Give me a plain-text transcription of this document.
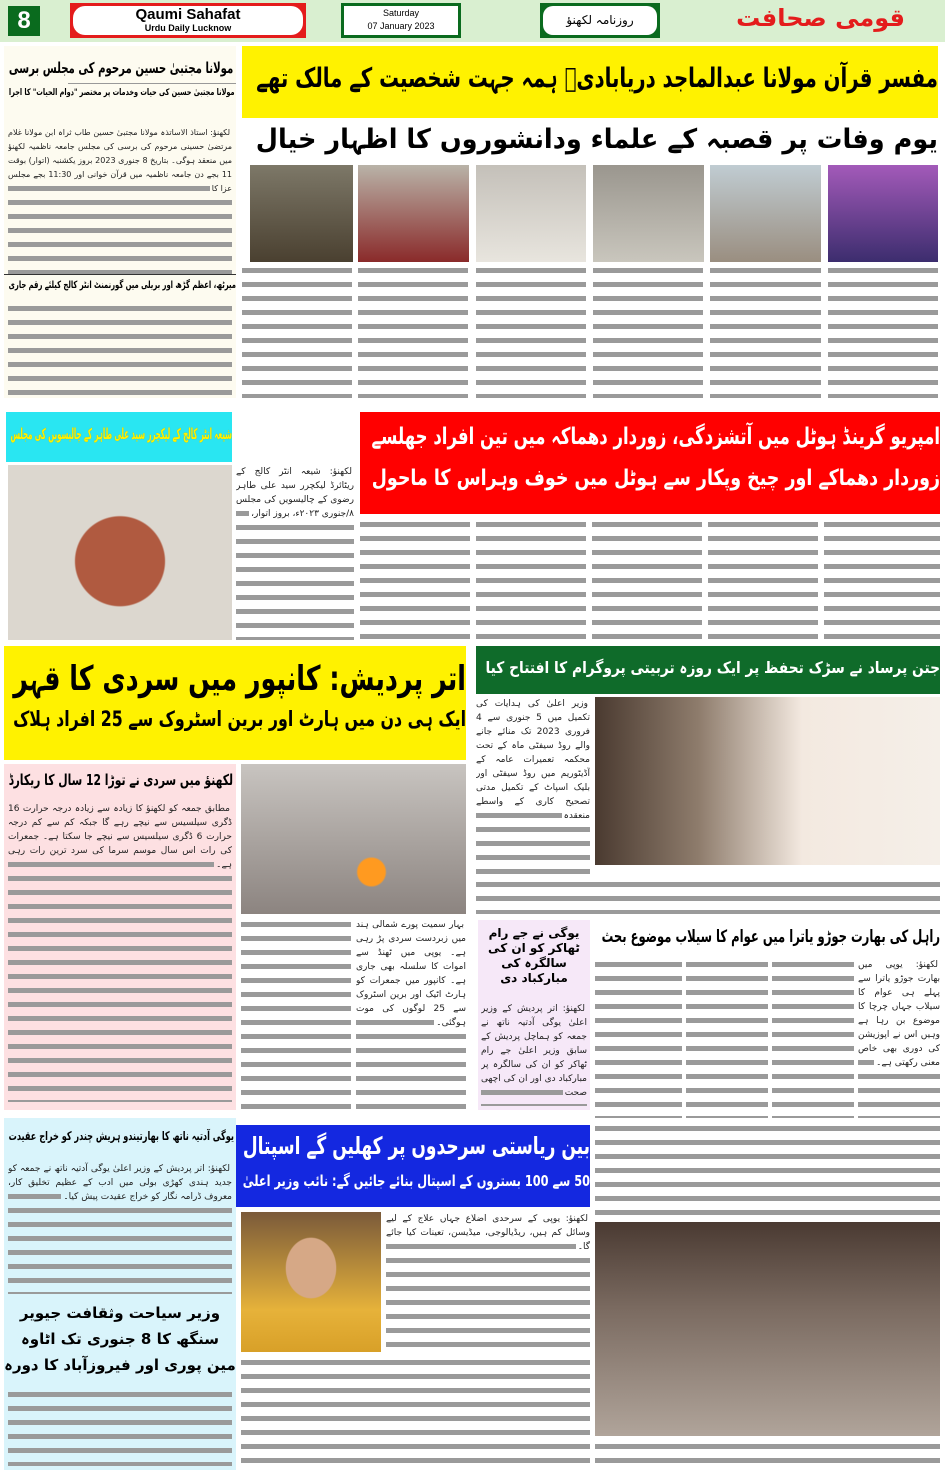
8	Qaumi Sahafat
Urdu Daily Lucknow
Saturday
07 January 2023	روزنامہ لکھنؤ	قومی صحافت
مولانا مجتبیٰ حسین مرحوم کی مجلس برسی
مولانا مجتبیٰ حسین کی حیات وخدمات پر مختصر "دوام الحیات" کا اجرا
لکھنؤ: استاذ الاساتذہ مولانا مجتبیٰ حسین طاب ثراہ ابن مولانا غلام مرتضیٰ حسینی مرحوم کی برسی کی مجلس جامعہ ناظمیہ لکھنؤ میں منعقد ہوگی۔ بتاریخ 8 جنوری 2023 بروز یکشنبہ (اتوار) بوقت 11 بجے دن جامعہ ناظمیہ میں قرآن خوانی اور 11:30 بجے مجلس عزا کا
میرٹھ، اعظم گڑھ اور بریلی میں گورنمنٹ انٹر کالج کیلئے رقم جاری
مفسر قرآن مولانا عبدالماجد دریابادیؒ ہمہ جہت شخصیت کے مالک تھے
یوم وفات پر قصبہ کے علماء ودانشوروں کا اظہار خیال
شیعہ انٹر کالج کے لیکچرر سید علی طاہر کے چالیسویں کی مجلس
لکھنؤ: شیعہ انٹر کالج کے ریٹائرڈ لیکچرر سید علی طاہر رضوی کے چالیسویں کی مجلس ۸/جنوری ۲۰۲۳ء، بروز اتوار،
امپریو گرینڈ ہوٹل میں آتشزدگی، زوردار دھماکہ میں تین افراد جھلسے
زوردار دھماکے اور چیخ وپکار سے ہوٹل میں خوف وہراس کا ماحول
اتر پردیش: کانپور میں سردی کا قہر
ایک ہی دن میں ہارٹ اور برین اسٹروک سے 25 افراد ہلاک
لکھنؤ میں سردی نے توڑا 12 سال کا ریکارڈ
مطابق جمعہ کو لکھنؤ کا زیادہ سے زیادہ درجہ حرارت 16 ڈگری سیلسیس سے نیچے رہے گا جبکہ کم سے کم درجہ حرارت 6 ڈگری سیلسیس سے نیچے جا سکتا ہے۔ جمعرات کی رات اس سال موسم سرما کی سرد ترین رات رہی ہے۔
بہار سمیت پورے شمالی ہند میں زبردست سردی پڑ رہی ہے۔ یوپی میں ٹھنڈ سے اموات کا سلسلہ بھی جاری ہے۔ کانپور میں جمعرات کو ہارٹ اٹیک اور برین اسٹروک سے 25 لوگوں کی موت ہوگئی۔
جتن پرساد نے سڑک تحفظ پر ایک روزہ تربیتی پروگرام کا افتتاح کیا
وزیر اعلیٰ کی ہدایات کی تکمیل میں 5 جنوری سے 4 فروری 2023 تک منائے جانے والے روڈ سیفٹی ماہ کے تحت محکمہ تعمیرات عامہ کے آڈیٹوریم میں روڈ سیفٹی اور بلیک اسپاٹ کے تکمیل مدتی تصحیح کاری کے واسطے منعقدہ
یوگی نے جے رام ٹھاکر کو ان کی سالگرہ کی مبارکباد دی
لکھنؤ: اتر پردیش کے وزیر اعلیٰ یوگی آدتیہ ناتھ نے جمعہ کو ہماچل پردیش کے سابق وزیر اعلیٰ جے رام ٹھاکر کو ان کی سالگرہ پر مبارکباد دی اور ان کی اچھی صحت
راہل کی بھارت جوڑو یاترا میں عوام کا سیلاب موضوع بحث
لکھنؤ: یوپی میں بھارت جوڑو یاترا سے پہلے ہی عوام کا سیلاب جہاں چرچا کا موضوع بن رہا ہے وہیں اس نے اپوزیشن کی دوری بھی خاص معنی رکھتی ہے۔
یوگی آدتیہ ناتھ کا بھارتیندو ہریش چندر کو خراج عقیدت
لکھنؤ: اتر پردیش کے وزیر اعلیٰ یوگی آدتیہ ناتھ نے جمعہ کو جدید ہندی کھڑی بولی میں ادب کے عظیم تخلیق کار، معروف ڈرامہ نگار کو خراج عقیدت پیش کیا۔
وزیر سیاحت وثقافت جیویر سنگھ کا 8 جنوری تک اٹاوہ مین پوری اور فیروزآباد کا دورہ
بین ریاستی سرحدوں پر کھلیں گے اسپتال
50 سے 100 بستروں کے اسپتال بنائے جائیں گے: نائب وزیر اعلیٰ
لکھنؤ: یوپی کے سرحدی اضلاع جہاں علاج کے لیے وسائل کم ہیں، ریڈیالوجی، میڈیسن، تعینات کیا جائے گا۔
